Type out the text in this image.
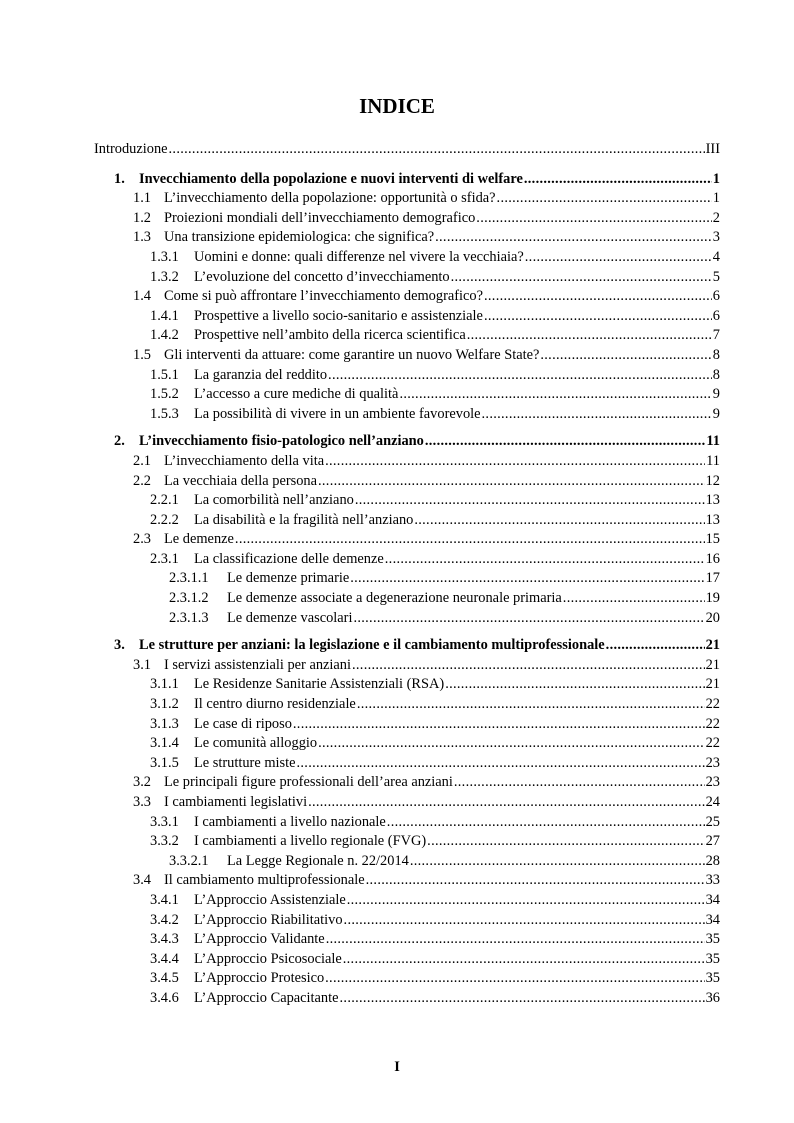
INDICE
Introduzione .....	III
1. Invecchiamento della popolazione e nuovi interventi di welfare .....	1
1.1 L’invecchiamento della popolazione: opportunità o sfida? .....	1
1.2 Proiezioni mondiali dell’invecchiamento demografico .....	2
1.3 Una transizione epidemiologica: che significa? .....	3
1.3.1	Uomini e donne: quali differenze nel vivere la vecchiaia? .....	4
1.3.2	L’evoluzione del concetto d’invecchiamento .....	5
1.4 Come si può affrontare l’invecchiamento demografico? .....	6
1.4.1	Prospettive a livello socio-sanitario e assistenziale .....	6
1.4.2	Prospettive nell’ambito della ricerca scientifica .....	7
1.5 Gli interventi da attuare: come garantire un nuovo Welfare State? .....	8
1.5.1	La garanzia del reddito .....	8
1.5.2	L’accesso a cure mediche di qualità .....	9
1.5.3	La possibilità di vivere in un ambiente favorevole .....	9
2. L’invecchiamento fisio-patologico nell’anziano .....	11
2.1 L’invecchiamento della vita .....	11
2.2 La vecchiaia della persona .....	12
2.2.1	La comorbilità nell’anziano .....	13
2.2.2	La disabilità e la fragilità nell’anziano .....	13
2.3 Le demenze .....	15
2.3.1	La classificazione delle demenze .....	16
2.3.1.1	Le demenze primarie .....	17
2.3.1.2	Le demenze associate a degenerazione neuronale primaria .....	19
2.3.1.3	Le demenze vascolari .....	20
3. Le strutture per anziani: la legislazione e il cambiamento multiprofessionale .....	21
3.1 I servizi assistenziali per anziani .....	21
3.1.1	Le Residenze Sanitarie Assistenziali (RSA) .....	21
3.1.2	Il centro diurno residenziale .....	22
3.1.3	Le case di riposo .....	22
3.1.4	Le comunità alloggio .....	22
3.1.5	Le strutture miste .....	23
3.2 Le principali figure professionali dell’area anziani .....	23
3.3 I cambiamenti legislativi .....	24
3.3.1	I cambiamenti a livello nazionale .....	25
3.3.2	I cambiamenti a livello regionale (FVG) .....	27
3.3.2.1	La Legge Regionale n. 22/2014 .....	28
3.4 Il cambiamento multiprofessionale .....	33
3.4.1	L’Approccio Assistenziale .....	34
3.4.2	L’Approccio Riabilitativo .....	34
3.4.3	L’Approccio Validante .....	35
3.4.4	L’Approccio Psicosociale .....	35
3.4.5	L’Approccio Protesico .....	35
3.4.6	L’Approccio Capacitante .....	36

I
